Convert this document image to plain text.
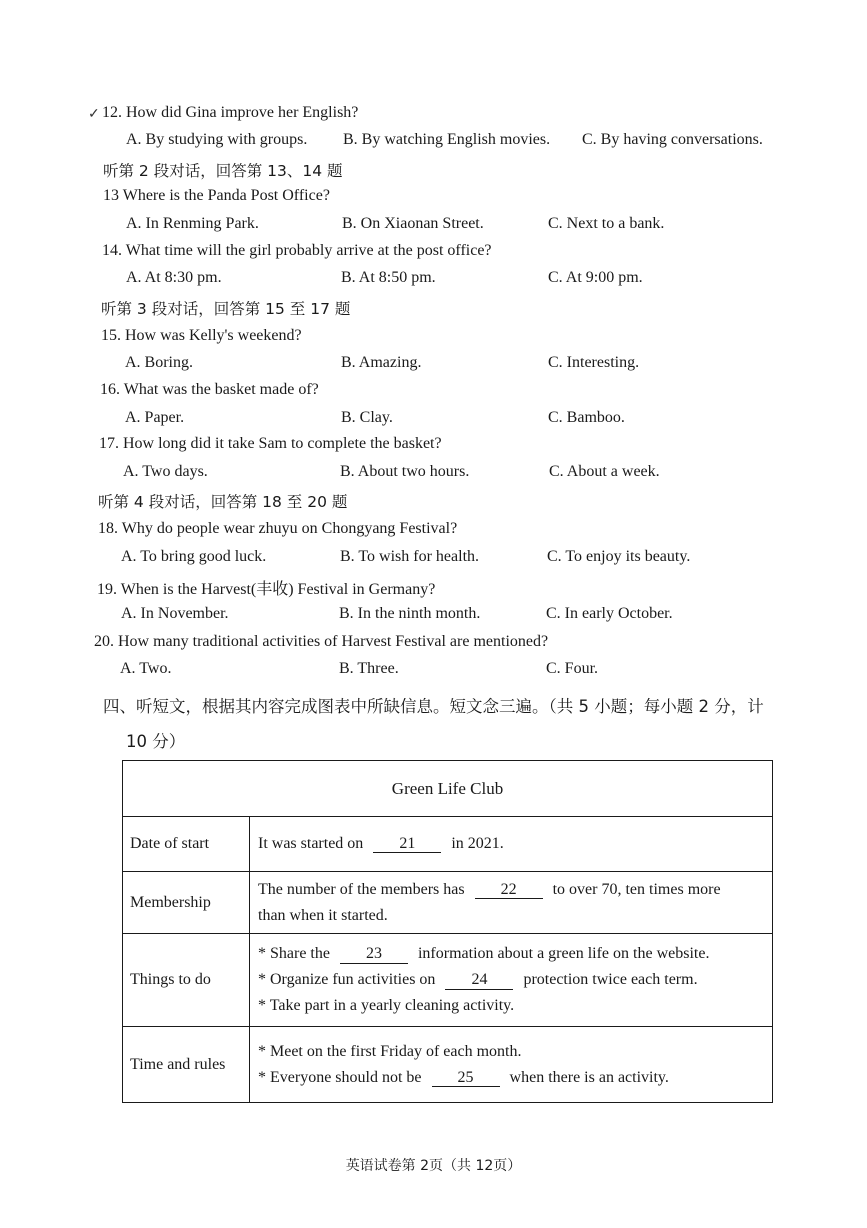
✓ 12. How did Gina improve her English?
A. By studying with groups. B. By watching English movies. C. By having conversations.
听第 2 段对话，回答第 13、14 题
13 Where is the Panda Post Office?
A. In Renming Park.	B. On Xiaonan Street.	C. Next to a bank.
14. What time will the girl probably arrive at the post office?
A. At 8:30 pm.	B. At 8:50 pm.	C. At 9:00 pm.
听第 3 段对话，回答第 15 至 17 题
15. How was Kelly's weekend?
A. Boring.	B. Amazing.	C. Interesting.
16. What was the basket made of?
A. Paper.	B. Clay.	C. Bamboo.
17. How long did it take Sam to complete the basket?
A. Two days.	B. About two hours.	C. About a week.
听第 4 段对话，回答第 18 至 20 题
18. Why do people wear zhuyu on Chongyang Festival?
A. To bring good luck.	B. To wish for health.	C. To enjoy its beauty.
19. When is the Harvest(丰收) Festival in Germany?
A. In November.	B. In the ninth month.	C. In early October.
20. How many traditional activities of Harvest Festival are mentioned?
A. Two.	B. Three.	C. Four.
四、听短文，根据其内容完成图表中所缺信息。短文念三遍。（共 5 小题；每小题 2 分，计
10 分）
Green Life Club	
Date of start	It was started on 21 in 2021.
Membership	The number of the members has 22 to over 70, ten times more
than when it started.

Things to do	* Share the 23 information about a green life on the website.
* Organize fun activities on 24 protection twice each term.
* Take part in a yearly cleaning activity.

Time and rules	* Meet on the first Friday of each month.
* Everyone should not be 25 when there is an activity.
英语试卷第 2页（共 12页）
